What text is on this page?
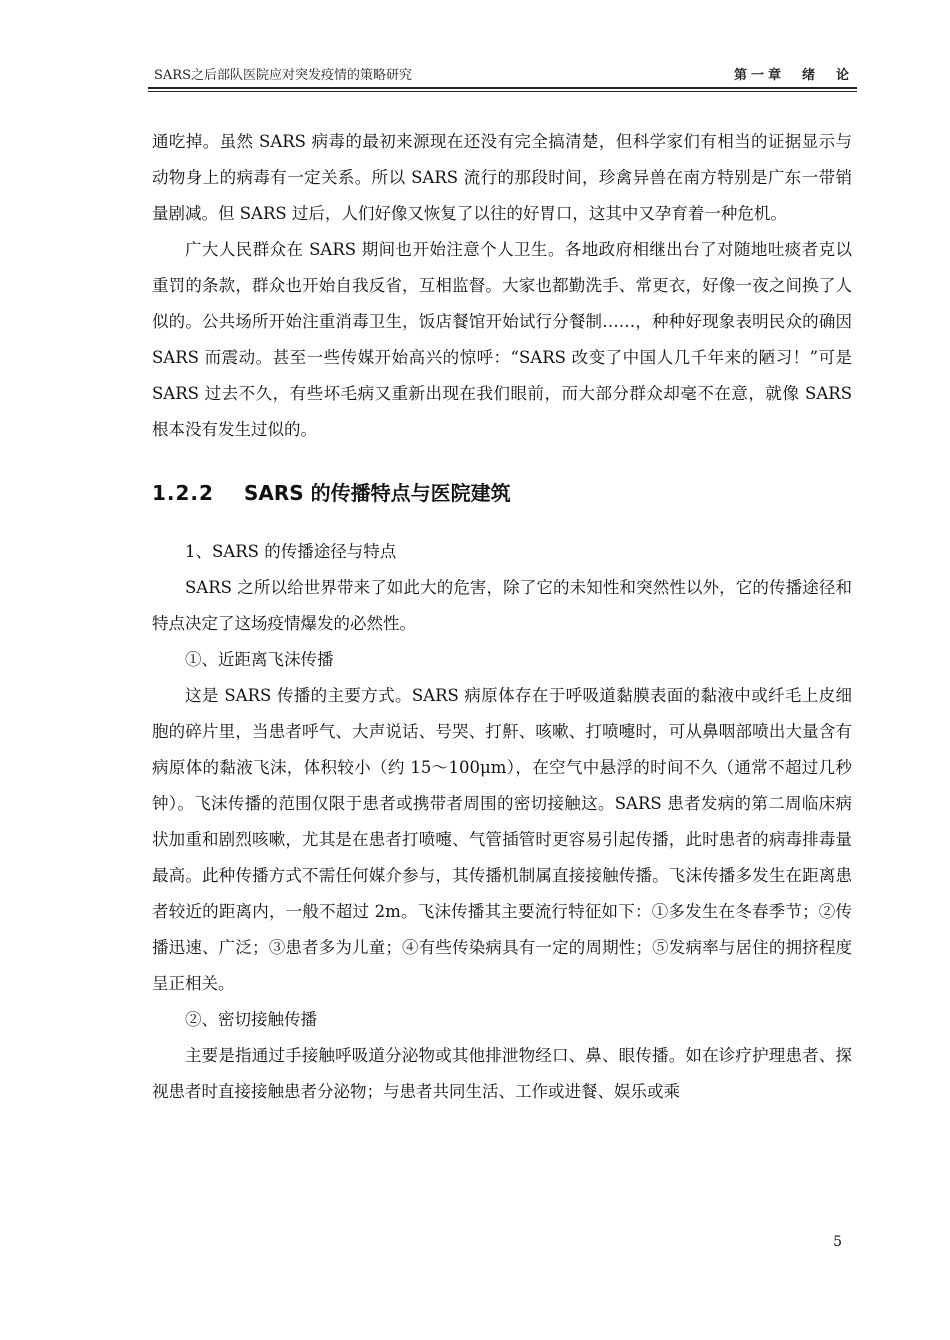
SARS之后部队医院应对突发疫情的策略研究	第一章　绪　论

通吃掉。虽然 SARS 病毒的最初来源现在还没有完全搞清楚，但科学家们有相当的证据显示与动物身上的病毒有一定关系。所以 SARS 流行的那段时间，珍禽异兽在南方特别是广东一带销量剧减。但 SARS 过后，人们好像又恢复了以往的好胃口，这其中又孕育着一种危机。

广大人民群众在 SARS 期间也开始注意个人卫生。各地政府相继出台了对随地吐痰者克以重罚的条款，群众也开始自我反省，互相监督。大家也都勤洗手、常更衣，好像一夜之间换了人似的。公共场所开始注重消毒卫生，饭店餐馆开始试行分餐制……，种种好现象表明民众的确因 SARS 而震动。甚至一些传媒开始高兴的惊呼：“SARS 改变了中国人几千年来的陋习！”可是 SARS 过去不久，有些坏毛病又重新出现在我们眼前，而大部分群众却毫不在意，就像 SARS 根本没有发生过似的。

1.2.2 SARS 的传播特点与医院建筑

1、SARS 的传播途径与特点

SARS 之所以给世界带来了如此大的危害，除了它的未知性和突然性以外，它的传播途径和特点决定了这场疫情爆发的必然性。

①、近距离飞沫传播

这是 SARS 传播的主要方式。SARS 病原体存在于呼吸道黏膜表面的黏液中或纤毛上皮细胞的碎片里，当患者呼气、大声说话、号哭、打鼾、咳嗽、打喷嚏时，可从鼻咽部喷出大量含有病原体的黏液飞沫，体积较小（约 15～100μm），在空气中悬浮的时间不久（通常不超过几秒钟）。飞沫传播的范围仅限于患者或携带者周围的密切接触这。SARS 患者发病的第二周临床病状加重和剧烈咳嗽，尤其是在患者打喷嚏、气管插管时更容易引起传播，此时患者的病毒排毒量最高。此种传播方式不需任何媒介参与，其传播机制属直接接触传播。飞沫传播多发生在距离患者较近的距离内，一般不超过 2m。飞沫传播其主要流行特征如下：①多发生在冬春季节；②传播迅速、广泛；③患者多为儿童；④有些传染病具有一定的周期性；⑤发病率与居住的拥挤程度呈正相关。

②、密切接触传播

主要是指通过手接触呼吸道分泌物或其他排泄物经口、鼻、眼传播。如在诊疗护理患者、探视患者时直接接触患者分泌物；与患者共同生活、工作或进餐、娱乐或乘

5
